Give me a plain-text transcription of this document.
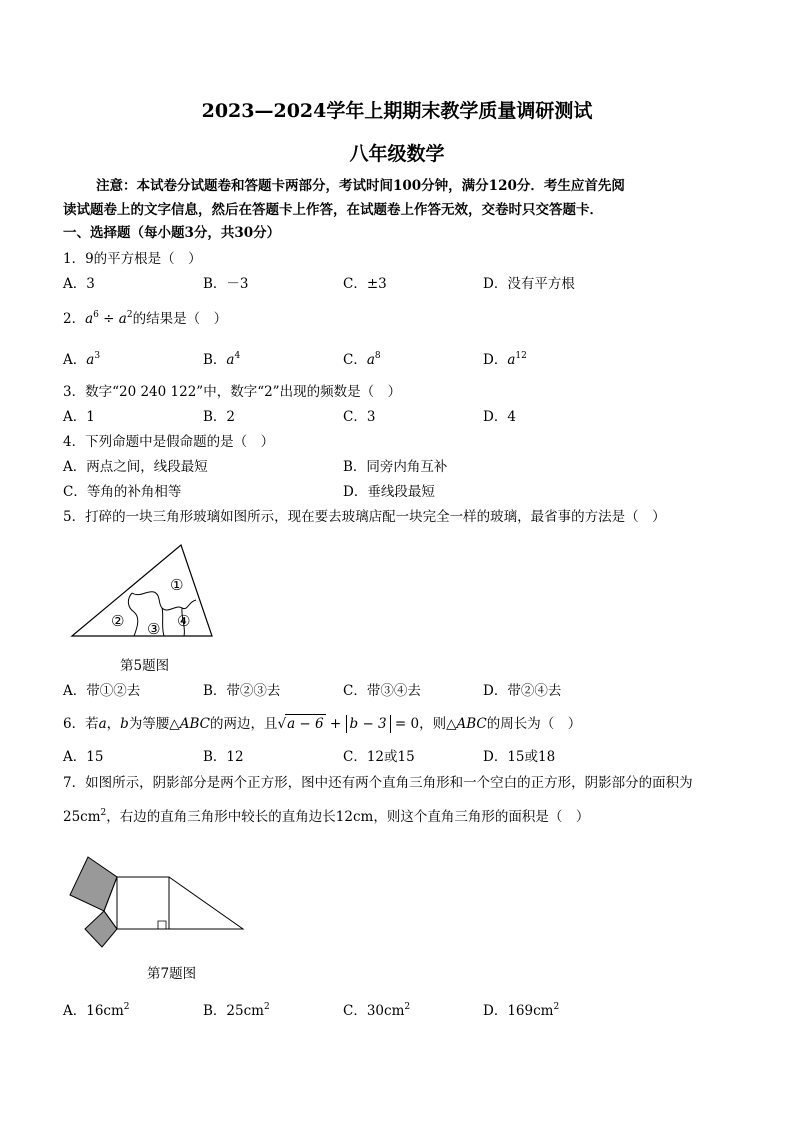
2023—2024学年上期期末教学质量调研测试
八年级数学
注意：本试卷分试题卷和答题卡两部分，考试时间100分钟，满分120分．考生应首先阅
读试题卷上的文字信息，然后在答题卡上作答，在试题卷上作答无效，交卷时只交答题卡．
一、选择题（每小题3分，共30分）
1．9的平方根是（　）
A．3	B．－3	C．±3	D．没有平方根
2．$a^6 \div a^2$的结果是（　）
A．$a^3$	B．$a^4$	C．$a^8$	D．$a^{12}$
3．数字“20 240 122”中，数字“2”出现的频数是（　）
A．1	B．2	C．3	D．4
4．下列命题中是假命题的是（　）
A．两点之间，线段最短	B．同旁内角互补
C．等角的补角相等	D．垂线段最短
5．打碎的一块三角形玻璃如图所示，现在要去玻璃店配一块完全一样的玻璃，最省事的方法是（　）
①
② ③ ④
第5题图
A．带①②去	B．带②③去	C．带③④去	D．带②④去
6．若a，b为等腰△ABC的两边，且√a − 6 + b − 3 = 0，则△ABC的周长为（　）
A．15	B．12	C．12或15	D．15或18
7．如图所示，阴影部分是两个正方形，图中还有两个直角三角形和一个空白的正方形，阴影部分的面积为
$25cm^2$，右边的直角三角形中较长的直角边长12cm，则这个直角三角形的面积是（　）
第7题图
A．$16cm^2$	B．$25cm^2$	C．$30cm^2$	D．$169cm^2$
